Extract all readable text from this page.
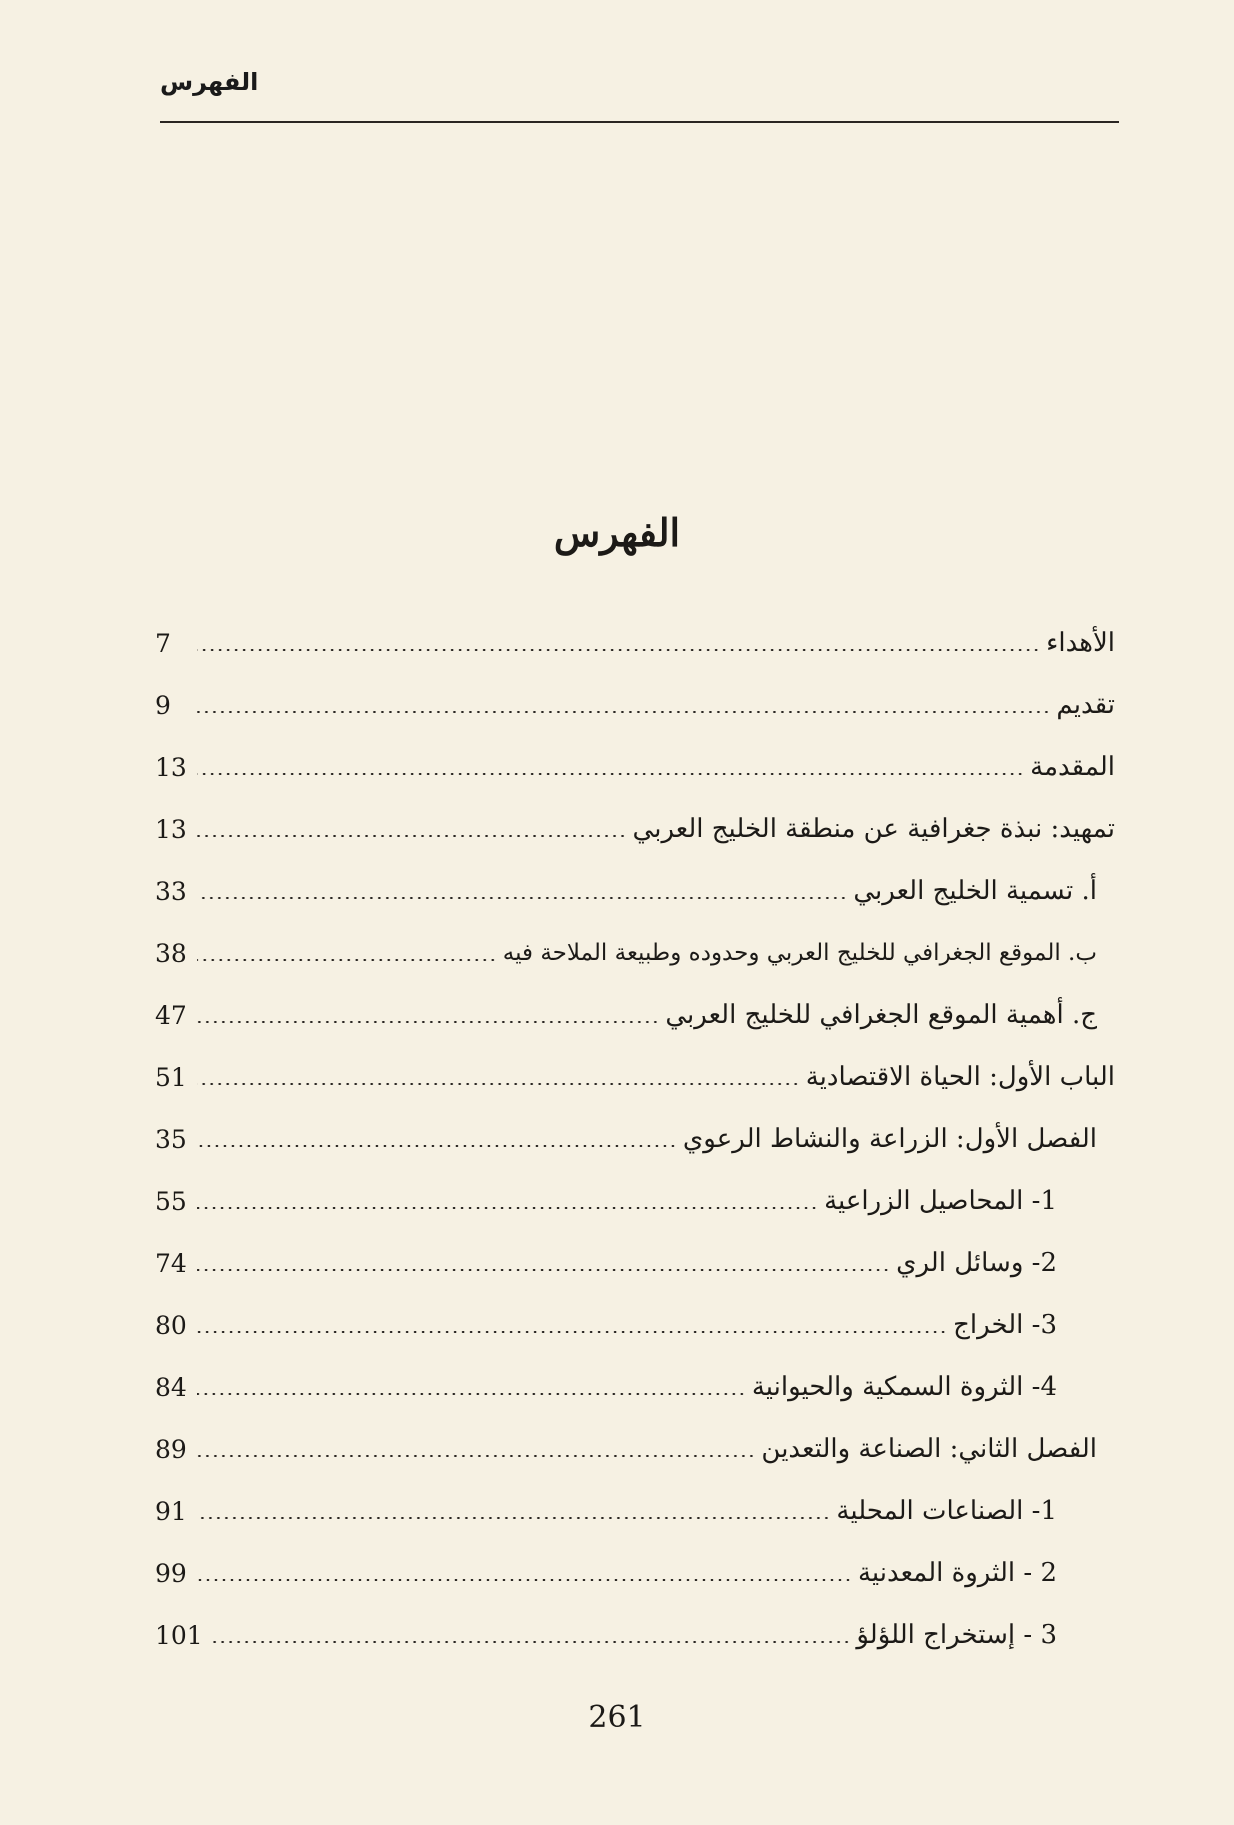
الفهرس
الفهرس
الأهداء
7
تقديم
9
المقدمة
13
تمهيد: نبذة جغرافية عن منطقة الخليج العربي
13
أ. تسمية الخليج العربي
33
ب. الموقع الجغرافي للخليج العربي وحدوده وطبيعة الملاحة فيه
38
ج. أهمية الموقع الجغرافي للخليج العربي
47
الباب الأول: الحياة الاقتصادية
51
الفصل الأول: الزراعة والنشاط الرعوي
35
1- المحاصيل الزراعية
55
2- وسائل الري
74
3- الخراج
80
4- الثروة السمكية والحيوانية
84
الفصل الثاني: الصناعة والتعدين
89
1- الصناعات المحلية
91
2 - الثروة المعدنية
99
3 - إستخراج اللؤلؤ
101
261
